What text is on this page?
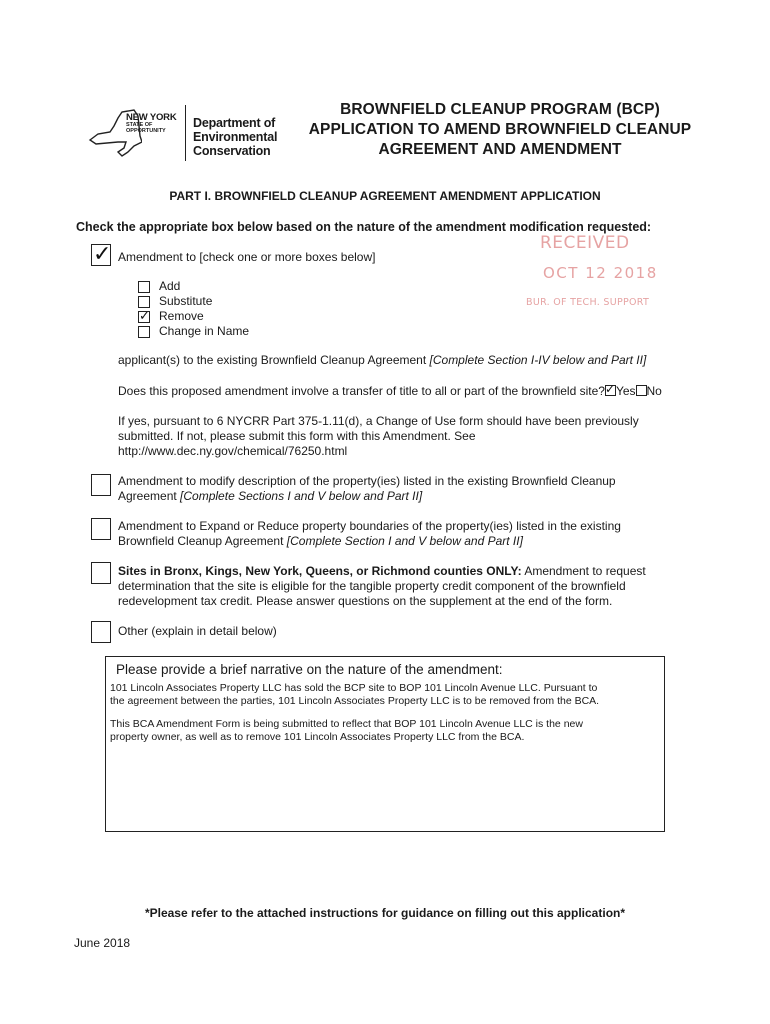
NEW YORK
STATE OF
OPPORTUNITY
Department of
Environmental
Conservation
BROWNFIELD CLEANUP PROGRAM (BCP)
APPLICATION TO AMEND BROWNFIELD CLEANUP
AGREEMENT AND AMENDMENT
PART I. BROWNFIELD CLEANUP AGREEMENT AMENDMENT APPLICATION
Check the appropriate box below based on the nature of the amendment modification requested:
RECEIVED
OCT 12 2018
BUR. OF TECH. SUPPORT
✓ Amendment to [check one or more boxes below]
Add
Substitute
✓ Remove
Change in Name
applicant(s) to the existing Brownfield Cleanup Agreement [Complete Section I-IV below and Part II]
Does this proposed amendment involve a transfer of title to all or part of the brownfield site? ✓ Yes No
If yes, pursuant to 6 NYCRR Part 375-1.11(d), a Change of Use form should have been previously
submitted. If not, please submit this form with this Amendment. See
http://www.dec.ny.gov/chemical/76250.html
Amendment to modify description of the property(ies) listed in the existing Brownfield Cleanup
Agreement [Complete Sections I and V below and Part II]
Amendment to Expand or Reduce property boundaries of the property(ies) listed in the existing
Brownfield Cleanup Agreement [Complete Section I and V below and Part II]
Sites in Bronx, Kings, New York, Queens, or Richmond counties ONLY: Amendment to request
determination that the site is eligible for the tangible property credit component of the brownfield
redevelopment tax credit. Please answer questions on the supplement at the end of the form.
Other (explain in detail below)
Please provide a brief narrative on the nature of the amendment:
101 Lincoln Associates Property LLC has sold the BCP site to BOP 101 Lincoln Avenue LLC. Pursuant to
the agreement between the parties, 101 Lincoln Associates Property LLC is to be removed from the BCA.
This BCA Amendment Form is being submitted to reflect that BOP 101 Lincoln Avenue LLC is the new
property owner, as well as to remove 101 Lincoln Associates Property LLC from the BCA.
*Please refer to the attached instructions for guidance on filling out this application*
June 2018
